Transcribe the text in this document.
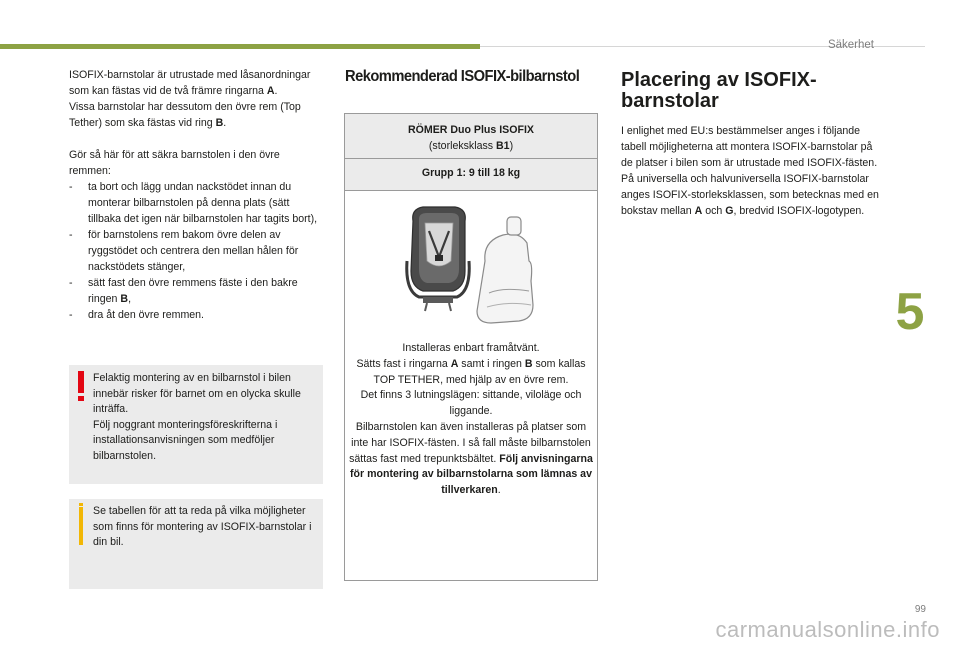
Säkerhet
5
99
carmanualsonline.info

ISOFIX-barnstolar är utrustade med låsanordningar som kan fästas vid de två främre ringarna A.

Vissa barnstolar har dessutom den övre rem (Top Tether) som ska fästas vid ring B.

Gör så här för att säkra barnstolen i den övre remmen:

- ta bort och lägg undan nackstödet innan du monterar bilbarnstolen på denna plats (sätt tillbaka det igen när bilbarnstolen har tagits bort),
- för barnstolens rem bakom övre delen av ryggstödet och centrera den mellan hålen för nackstödets stänger,
- sätt fast den övre remmens fäste i den bakre ringen B,
- dra åt den övre remmen.

Felaktig montering av en bilbarnstol i bilen innebär risker för barnet om en olycka skulle inträffa.

Följ noggrant monteringsföreskrifterna i installationsanvisningen som medföljer bilbarnstolen.

Se tabellen för att ta reda på vilka möjligheter som finns för montering av ISOFIX-barnstolar i din bil.

Rekommenderad ISOFIX-bilbarnstol
RÖMER Duo Plus ISOFIX
(storleksklass B1)
Grupp 1: 9 till 18 kg

Installeras enbart framåtvänt.

Sätts fast i ringarna A samt i ringen B som kallas TOP TETHER, med hjälp av en övre rem.

Det finns 3 lutningslägen: sittande, viloläge och liggande.

Bilbarnstolen kan även installeras på platser som inte har ISOFIX-fästen. I så fall måste bilbarnstolen sättas fast med trepunktsbältet. Följ anvisningarna för montering av bilbarnstolarna som lämnas av tillverkaren.

Placering av ISOFIX-barnstolar

I enlighet med EU:s bestämmelser anges i följande tabell möjligheterna att montera ISOFIX-barnstolar på de platser i bilen som är utrustade med ISOFIX-fästen.

På universella och halvuniversella ISOFIX-barnstolar anges ISOFIX-storleksklassen, som betecknas med en bokstav mellan A och G, bredvid ISOFIX-logotypen.
